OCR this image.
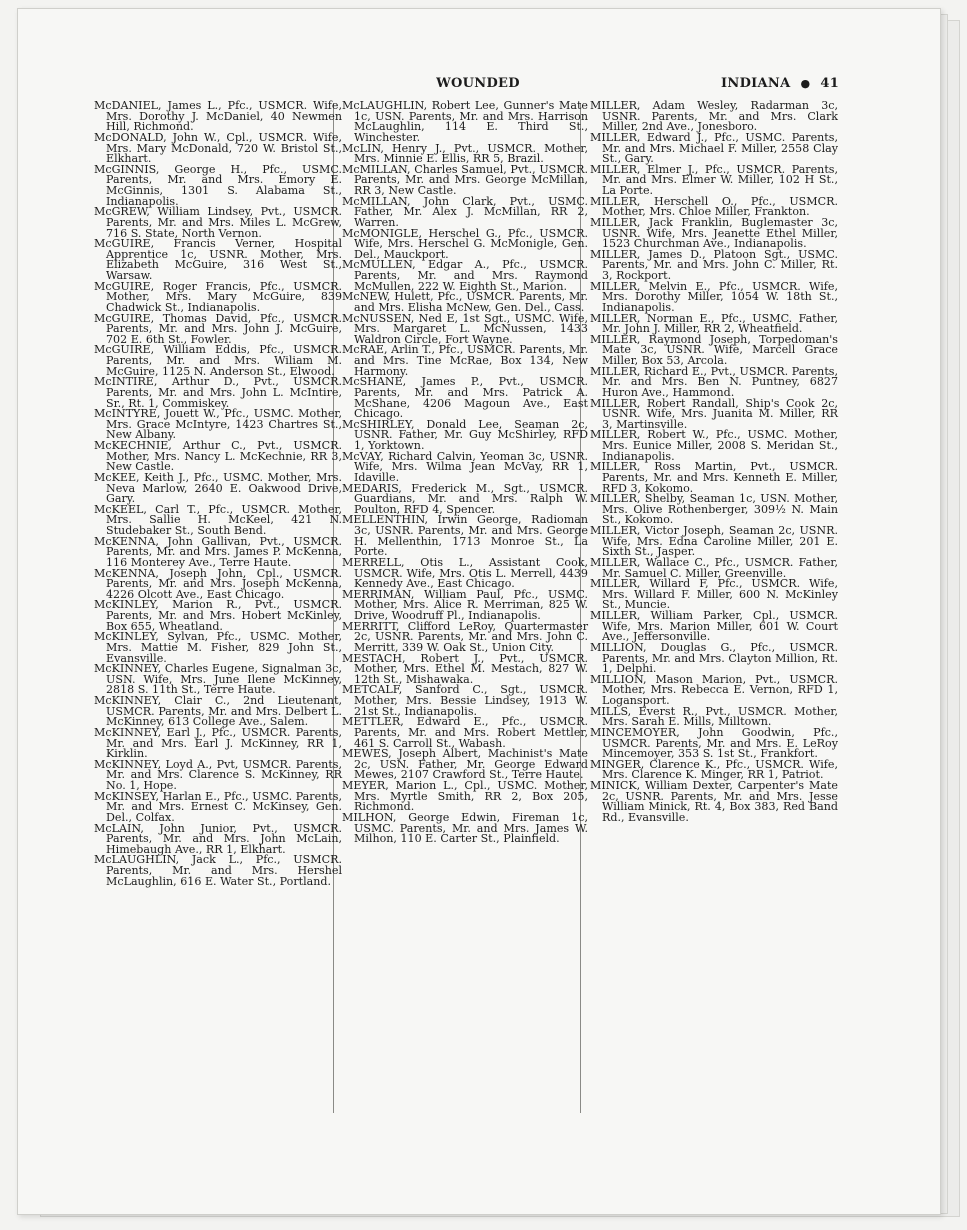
WOUNDED	INDIANA ● 41

McDANIEL, James L., Pfc., USMCR. Wife, Mrs. Dorothy J. McDaniel, 40 Newmen Hill, Richmond.

McDONALD, John W., Cpl., USMCR. Wife, Mrs. Mary McDonald, 720 W. Bristol St., Elkhart.

McGINNIS, George H., Pfc., USMC. Parents, Mr. and Mrs. Emory E. McGinnis, 1301 S. Alabama St., Indianapolis.

McGREW, William Lindsey, Pvt., USMCR. Parents, Mr. and Mrs. Miles L. McGrew, 716 S. State, North Vernon.

McGUIRE, Francis Verner, Hospital Apprentice 1c, USNR. Mother, Mrs. Elizabeth McGuire, 316 West St., Warsaw.

McGUIRE, Roger Francis, Pfc., USMCR. Mother, Mrs. Mary McGuire, 839 Chadwick St., Indianapolis.

McGUIRE, Thomas David, Pfc., USMCR. Parents, Mr. and Mrs. John J. McGuire, 702 E. 6th St., Fowler.

McGUIRE, William Eddis, Pfc., USMCR. Parents, Mr. and Mrs. Wiliam M. McGuire, 1125 N. Anderson St., Elwood.

McINTIRE, Arthur D., Pvt., USMCR. Parents, Mr. and Mrs. John L. McIntire, Sr., Rt. 1, Commiskey.

McINTYRE, Jouett W., Pfc., USMC. Mother, Mrs. Grace McIntyre, 1423 Chartres St., New Albany.

McKECHNIE, Arthur C., Pvt., USMCR. Mother, Mrs. Nancy L. McKechnie, RR 3, New Castle.

McKEE, Keith J., Pfc., USMC. Mother, Mrs. Neva Marlow, 2640 E. Oakwood Drive, Gary.

McKEEL, Carl T., Pfc., USMCR. Mother, Mrs. Sallie H. McKeel, 421 N. Studebaker St., South Bend.

McKENNA, John Gallivan, Pvt., USMCR. Parents, Mr. and Mrs. James P. McKenna, 116 Monterey Ave., Terre Haute.

McKENNA, Joseph John, Cpl., USMCR. Parents, Mr. and Mrs. Joseph McKenna, 4226 Olcott Ave., East Chicago.

McKINLEY, Marion R., Pvt., USMCR. Parents, Mr. and Mrs. Hobert McKinley, Box 655, Wheatland.

McKINLEY, Sylvan, Pfc., USMC. Mother, Mrs. Mattie M. Fisher, 829 John St., Evansville.

McKINNEY, Charles Eugene, Signalman 3c, USN. Wife, Mrs. June Ilene McKinney, 2818 S. 11th St., Terre Haute.

McKINNEY, Clair C., 2nd Lieutenant, USMCR. Parents, Mr. and Mrs. Delbert L. McKinney, 613 College Ave., Salem.

McKINNEY, Earl J., Pfc., USMCR. Parents, Mr. and Mrs. Earl J. McKinney, RR 1, Kirklin.

McKINNEY, Loyd A., Pvt, USMCR. Parents, Mr. and Mrs. Clarence S. McKinney, RR No. 1, Hope.

McKINSEY, Harlan E., Pfc., USMC. Parents, Mr. and Mrs. Ernest C. McKinsey, Gen. Del., Colfax.

McLAIN, John Junior, Pvt., USMCR. Parents, Mr. and Mrs. John McLain, Himebaugh Ave., RR 1, Elkhart.

McLAUGHLIN, Jack L., Pfc., USMCR. Parents, Mr. and Mrs. Hershel McLaughlin, 616 E. Water St., Portland.

McLAUGHLIN, Robert Lee, Gunner's Mate 1c, USN. Parents, Mr. and Mrs. Harrison McLaughlin, 114 E. Third St., Winchester.

McLIN, Henry J., Pvt., USMCR. Mother, Mrs. Minnie E. Ellis, RR 5, Brazil.

McMILLAN, Charles Samuel, Pvt., USMCR. Parents, Mr. and Mrs. George McMillan, RR 3, New Castle.

McMILLAN, John Clark, Pvt., USMC. Father, Mr. Alex J. McMillan, RR 2, Warren.

McMONIGLE, Herschel G., Pfc., USMCR. Wife, Mrs. Herschel G. McMonigle, Gen. Del., Mauckport.

McMULLEN, Edgar A., Pfc., USMCR. Parents, Mr. and Mrs. Raymond McMullen, 222 W. Eighth St., Marion.

McNEW, Hulett, Pfc., USMCR. Parents, Mr. and Mrs. Elisha McNew, Gen. Del., Cass.

McNUSSEN, Ned E, 1st Sgt., USMC. Wife, Mrs. Margaret L. McNussen, 1433 Waldron Circle, Fort Wayne.

McRAE, Arlin T., Pfc., USMCR. Parents, Mr. and Mrs. Tine McRae, Box 134, New Harmony.

McSHANE, James P., Pvt., USMCR. Parents, Mr. and Mrs. Patrick A. McShane, 4206 Magoun Ave., East Chicago.

McSHIRLEY, Donald Lee, Seaman 2c, USNR. Father, Mr. Guy McShirley, RFD 1, Yorktown.

McVAY, Richard Calvin, Yeoman 3c, USNR. Wife, Mrs. Wilma Jean McVay, RR 1, Idaville.

MEDARIS, Frederick M., Sgt., USMCR. Guardians, Mr. and Mrs. Ralph W. Poulton, RFD 4, Spencer.

MELLENTHIN, Irwin George, Radioman 3c, USNR. Parents, Mr. and Mrs. George H. Mellenthin, 1713 Monroe St., La Porte.

MERRELL, Otis L., Assistant Cook, USMCR. Wife, Mrs. Otis L. Merrell, 4439 Kennedy Ave., East Chicago.

MERRIMAN, William Paul, Pfc., USMC. Mother, Mrs. Alice R. Merriman, 825 W. Drive, Woodruff Pl., Indianapolis.

MERRITT, Clifford LeRoy, Quartermaster 2c, USNR. Parents, Mr. and Mrs. John C. Merritt, 339 W. Oak St., Union City.

MESTACH, Robert J., Pvt., USMCR. Mother, Mrs. Ethel M. Mestach, 827 W. 12th St., Mishawaka.

METCALF, Sanford C., Sgt., USMCR. Mother, Mrs. Bessie Lindsey, 1913 W. 21st St., Indianapolis.

METTLER, Edward E., Pfc., USMCR. Parents, Mr. and Mrs. Robert Mettler, 461 S. Carroll St., Wabash.

MEWES, Joseph Albert, Machinist's Mate 2c, USN. Father, Mr. George Edward Mewes, 2107 Crawford St., Terre Haute.

MEYER, Marion L., Cpl., USMC. Mother, Mrs. Myrtle Smith, RR 2, Box 205, Richmond.

MILHON, George Edwin, Fireman 1c, USMC. Parents, Mr. and Mrs. James W. Milhon, 110 E. Carter St., Plainfield.

MILLER, Adam Wesley, Radarman 3c, USNR. Parents, Mr. and Mrs. Clark Miller, 2nd Ave., Jonesboro.

MILLER, Edward J., Pfc., USMC. Parents, Mr. and Mrs. Michael F. Miller, 2558 Clay St., Gary.

MILLER, Elmer J., Pfc., USMCR. Parents, Mr. and Mrs. Elmer W. Miller, 102 H St., La Porte.

MILLER, Herschell O., Pfc., USMCR. Mother, Mrs. Chloe Miller, Frankton.

MILLER, Jack Franklin, Buglemaster 3c, USNR. Wife, Mrs. Jeanette Ethel Miller, 1523 Churchman Ave., Indianapolis.

MILLER, James D., Platoon Sgt., USMC. Parents, Mr. and Mrs. John C. Miller, Rt. 3, Rockport.

MILLER, Melvin E., Pfc., USMCR. Wife, Mrs. Dorothy Miller, 1054 W. 18th St., Indianapolis.

MILLER, Norman E., Pfc., USMC. Father, Mr. John J. Miller, RR 2, Wheatfield.

MILLER, Raymond Joseph, Torpedoman's Mate 3c, USNR. Wife, Marcell Grace Miller, Box 53, Arcola.

MILLER, Richard E., Pvt., USMCR. Parents, Mr. and Mrs. Ben N. Puntney, 6827 Huron Ave., Hammond.

MILLER, Robert Randall, Ship's Cook 2c, USNR. Wife, Mrs. Juanita M. Miller, RR 3, Martinsville.

MILLER, Robert W., Pfc., USMC. Mother, Mrs. Eunice Miller, 2008 S. Meridan St., Indianapolis.

MILLER, Ross Martin, Pvt., USMCR. Parents, Mr. and Mrs. Kenneth E. Miller, RFD 3, Kokomo.

MILLER, Shelby, Seaman 1c, USN. Mother, Mrs. Olive Rothenberger, 309½ N. Main St., Kokomo.

MILLER, Victor Joseph, Seaman 2c, USNR. Wife, Mrs. Edna Caroline Miller, 201 E. Sixth St., Jasper.

MILLER, Wallace C., Pfc., USMCR. Father, Mr. Samuel C. Miller, Greenville.

MILLER, Willard F, Pfc., USMCR. Wife, Mrs. Willard F. Miller, 600 N. McKinley St., Muncie.

MILLER, William Parker, Cpl., USMCR. Wife, Mrs. Marion Miller, 601 W. Court Ave., Jeffersonville.

MILLION, Douglas G., Pfc., USMCR. Parents, Mr. and Mrs. Clayton Million, Rt. 1, Delphi.

MILLION, Mason Marion, Pvt., USMCR. Mother, Mrs. Rebecca E. Vernon, RFD 1, Logansport.

MILLS, Everst R., Pvt., USMCR. Mother, Mrs. Sarah E. Mills, Milltown.

MINCEMOYER, John Goodwin, Pfc., USMCR. Parents, Mr. and Mrs. E. LeRoy Mincemoyer, 353 S. 1st St., Frankfort.

MINGER, Clarence K., Pfc., USMCR. Wife, Mrs. Clarence K. Minger, RR 1, Patriot.

MINICK, William Dexter, Carpenter's Mate 2c, USNR. Parents, Mr. and Mrs. Jesse William Minick, Rt. 4, Box 383, Red Band Rd., Evansville.
